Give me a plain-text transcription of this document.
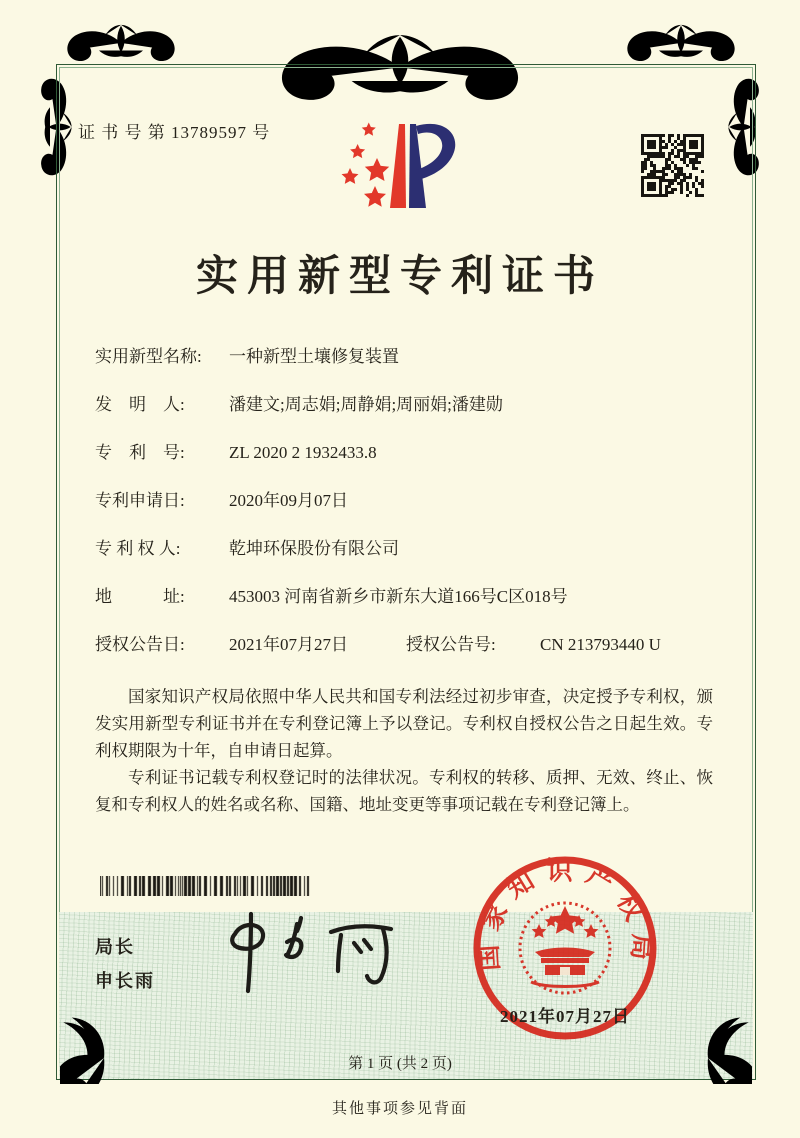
证 书 号 第 13789597 号
实用新型专利证书
实用新型名称:	一种新型土壤修复装置
发　明　人:	潘建文;周志娟;周静娟;周丽娟;潘建勋
专　利　号:	ZL 2020 2 1932433.8
专利申请日:	2020年09月07日
专 利 权 人:	乾坤环保股份有限公司
地　　　址:	453003 河南省新乡市新东大道166号C区018号
授权公告日:	2021年07月27日	授权公告号:	CN 213793440 U

国家知识产权局依照中华人民共和国专利法经过初步审查，决定授予专利权，颁发实用新型专利证书并在专利登记簿上予以登记。专利权自授权公告之日起生效。专利权期限为十年，自申请日起算。

专利证书记载专利权登记时的法律状况。专利权的转移、质押、无效、终止、恢复和专利权人的姓名或名称、国籍、地址变更等事项记载在专利登记簿上。

局长
申长雨
国家知识产权局
2021年07月27日
第 1 页 (共 2 页)
其他事项参见背面
